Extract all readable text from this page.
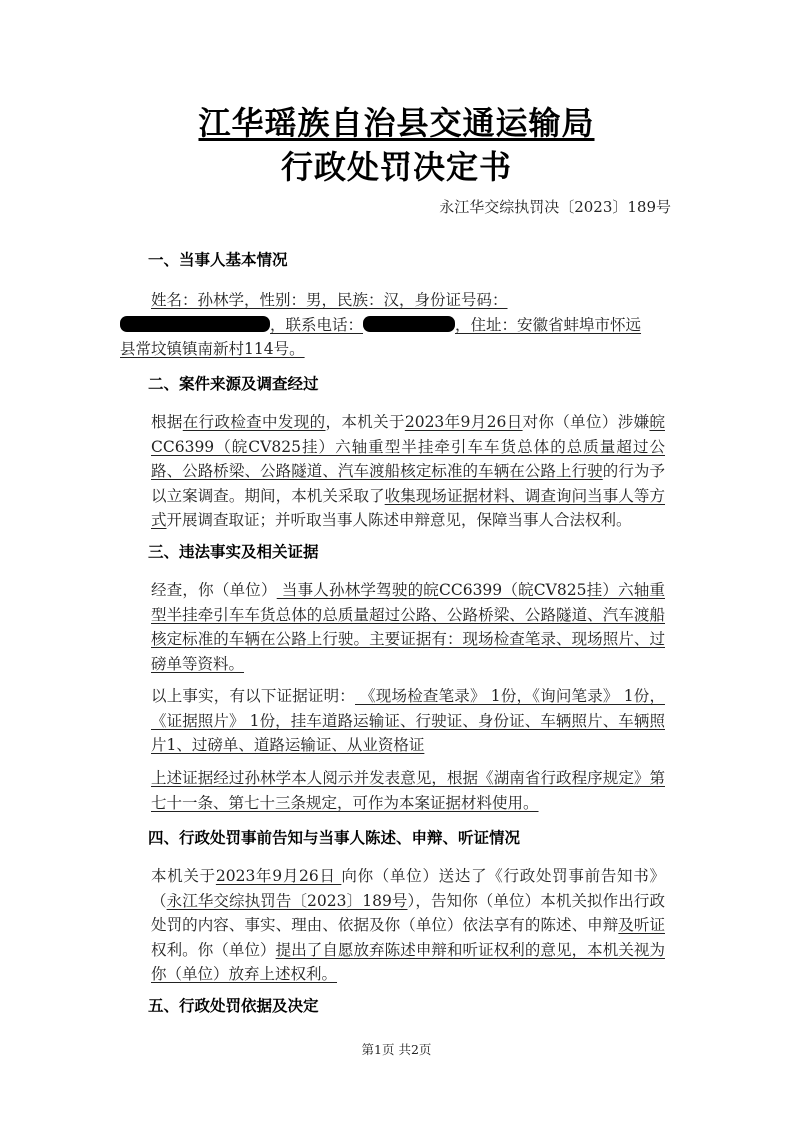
江华瑶族自治县交通运输局
行政处罚决定书
永江华交综执罚决〔2023〕189号
一、当事人基本情况
姓名：孙林学，性别：男，民族：汉，身份证号码：
，联系电话：	，住址：安徽省蚌埠市怀远
县常坟镇镇南新村114号。
二、案件来源及调查经过
根据在行政检查中发现的，本机关于2023年9月26日对你（单位）涉嫌皖CC6399（皖CV825挂）六轴重型半挂牵引车车货总体的总质量超过公路、公路桥梁、公路隧道、汽车渡船核定标准的车辆在公路上行驶的行为予以立案调查。期间，本机关采取了收集现场证据材料、调查询问当事人等方式开展调查取证；并听取当事人陈述申辩意见，保障当事人合法权利。
三、违法事实及相关证据
经查，你（单位） 当事人孙林学驾驶的皖CC6399（皖CV825挂）六轴重型半挂牵引车车货总体的总质量超过公路、公路桥梁、公路隧道、汽车渡船核定标准的车辆在公路上行驶。主要证据有：现场检查笔录、现场照片、过磅单等资料。
以上事实，有以下证据证明： 《现场检查笔录》 1份，《询问笔录》 1份，《证据照片》 1份，挂车道路运输证、行驶证、身份证、车辆照片、车辆照片1、过磅单、道路运输证、从业资格证
上述证据经过孙林学本人阅示并发表意见，根据《湖南省行政程序规定》第七十一条、第七十三条规定，可作为本案证据材料使用。
四、行政处罚事前告知与当事人陈述、申辩、听证情况
本机关于2023年9月26日 向你（单位）送达了《行政处罚事前告知书》（永江华交综执罚告〔2023〕189号），告知你（单位）本机关拟作出行政处罚的内容、事实、理由、依据及你（单位）依法享有的陈述、申辩及听证权利。你（单位）提出了自愿放弃陈述申辩和听证权利的意见，本机关视为你（单位）放弃上述权利。
五、行政处罚依据及决定
第1页 共2页
